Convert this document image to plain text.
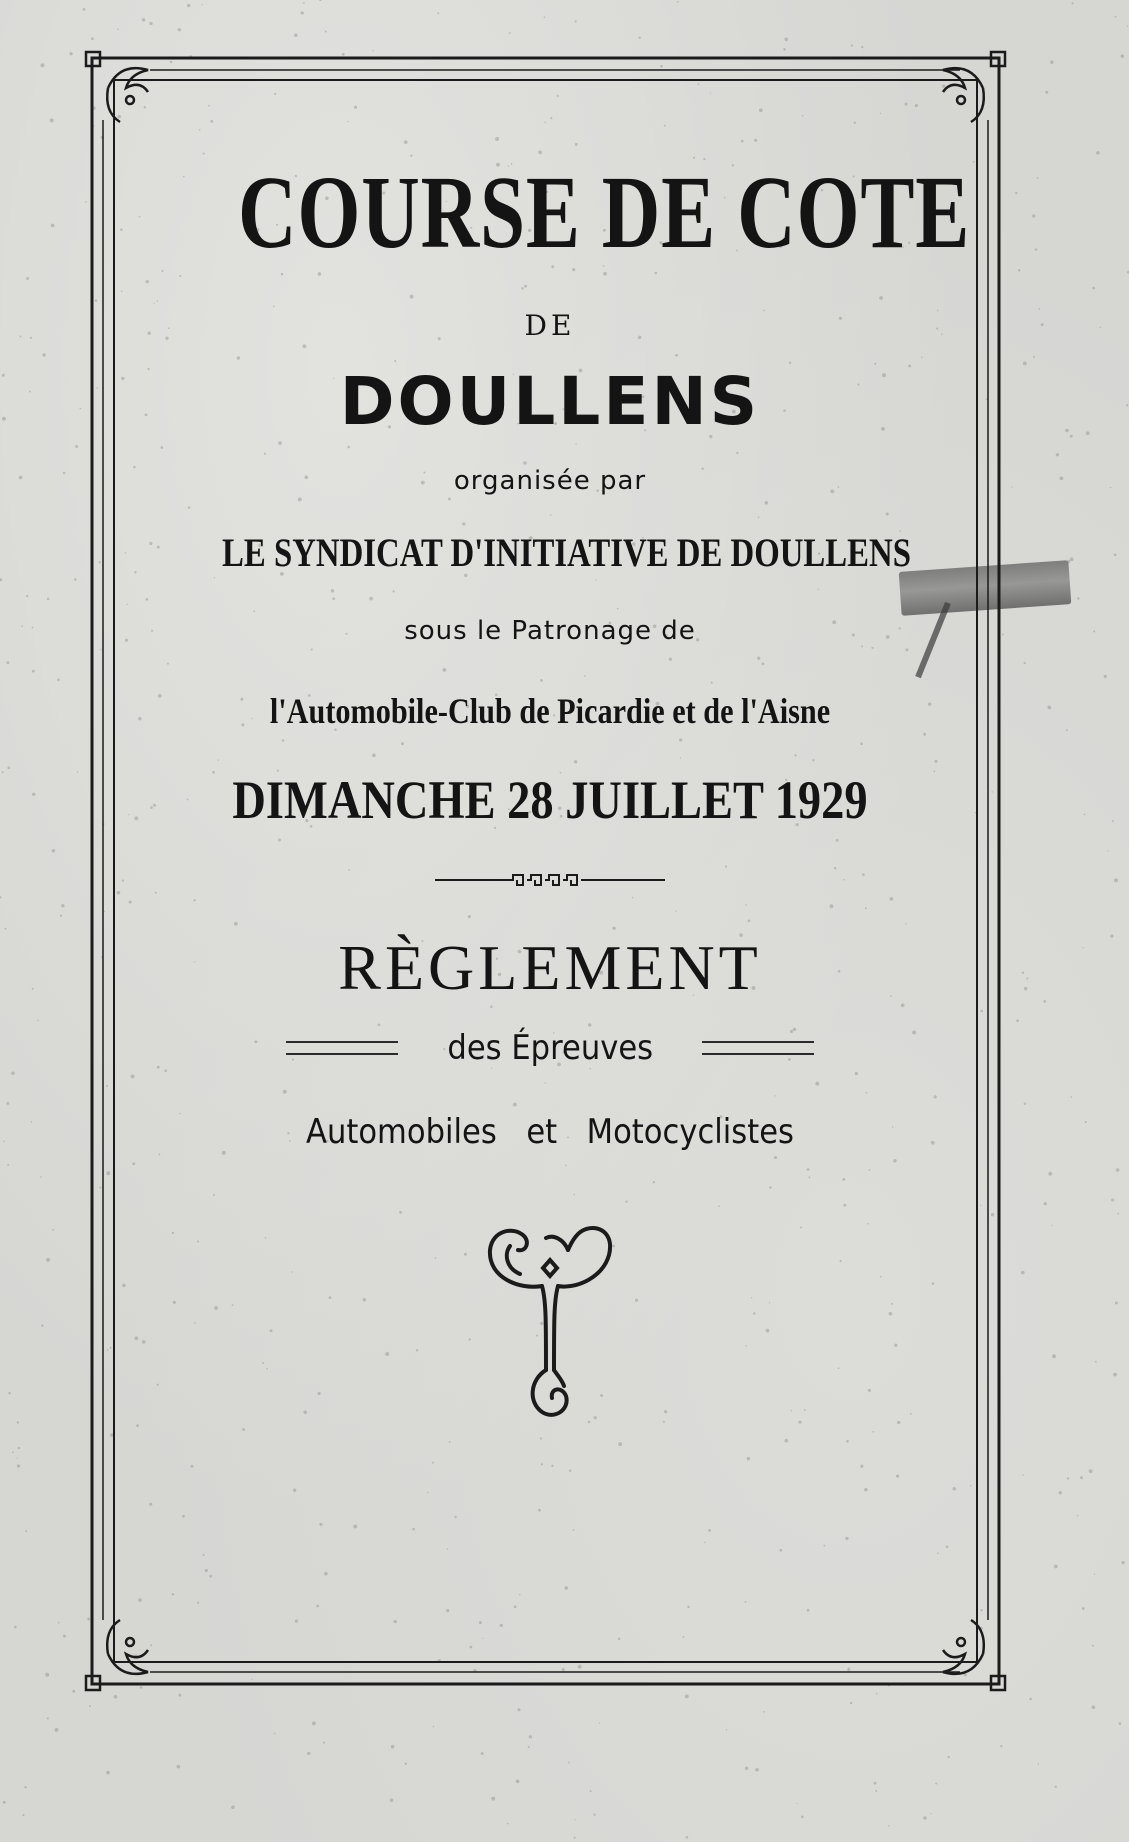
COURSE DE COTE
DE
DOULLENS
organisée par
LE SYNDICAT D'INITIATIVE DE DOULLENS
sous le Patronage de
l'Automobile-Club de Picardie et de l'Aisne
DIMANCHE 28 JUILLET 1929
RÈGLEMENT
des Épreuves
Automobiles et Motocyclistes
